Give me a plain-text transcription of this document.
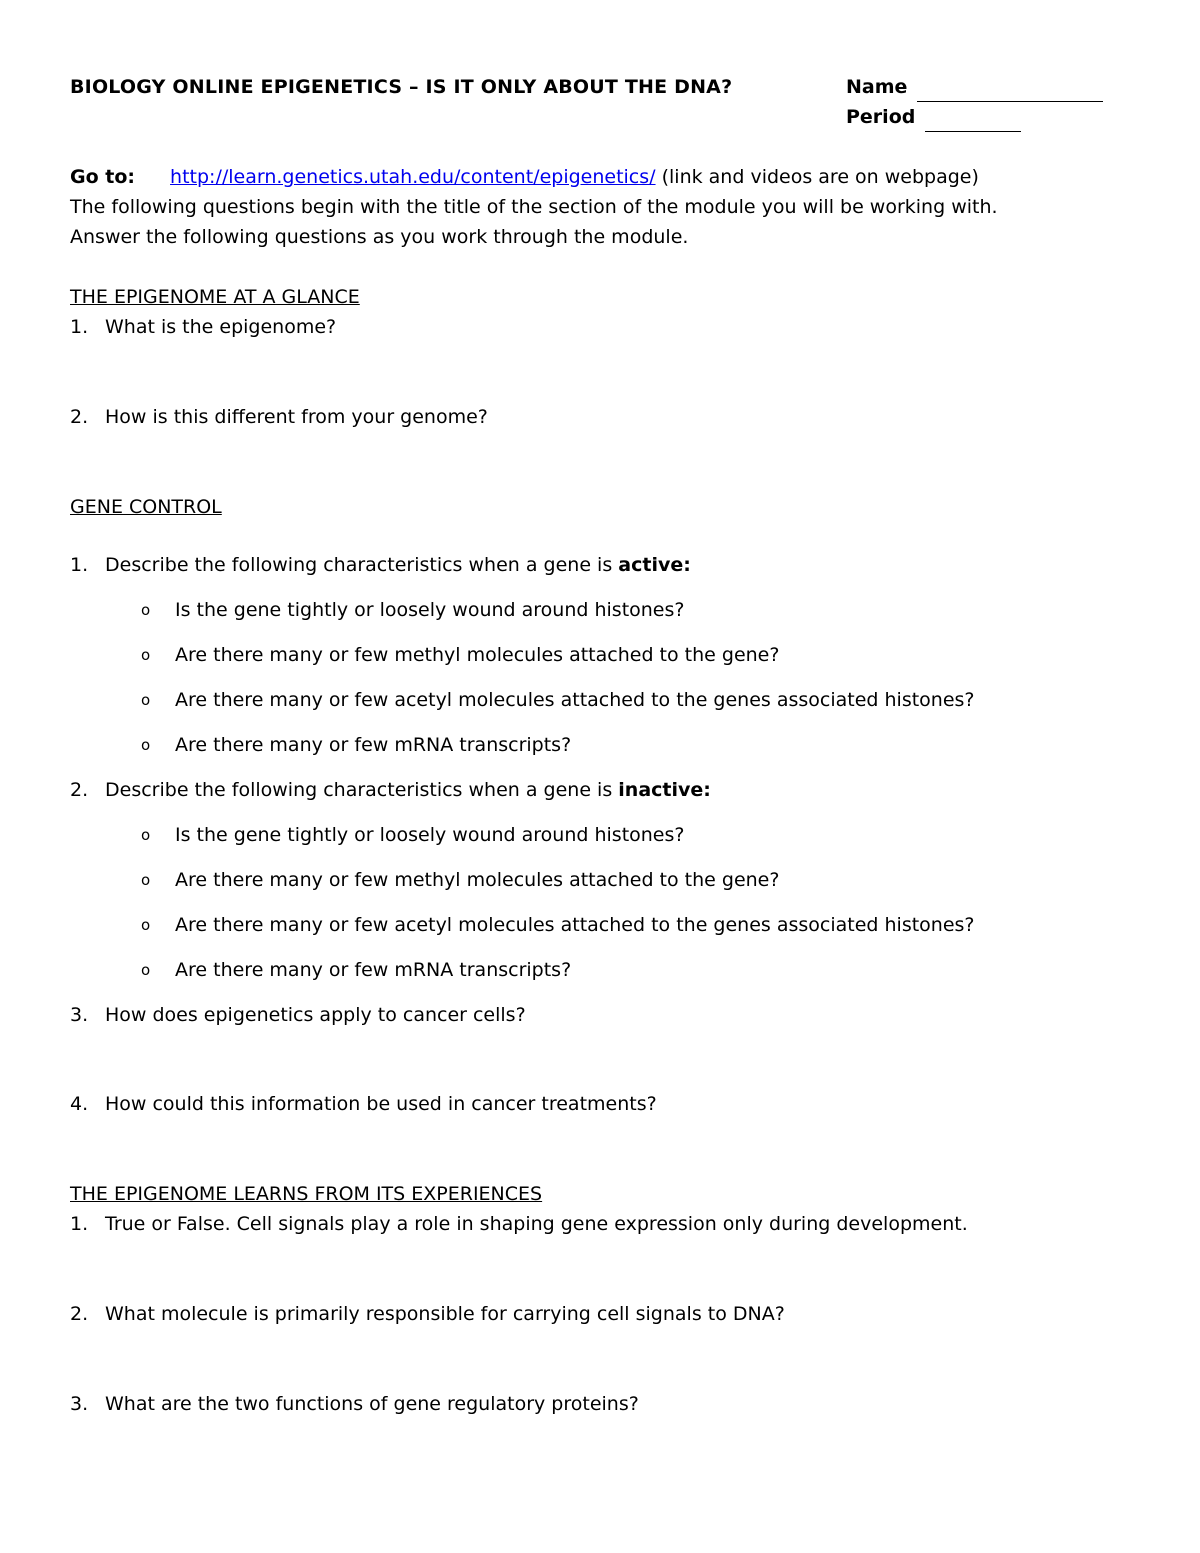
BIOLOGY ONLINE EPIGENETICS – IS IT ONLY ABOUT THE DNA?	Name
Period
Go to: http://learn.genetics.utah.edu/content/epigenetics/ (link and videos are on webpage)
The following questions begin with the title of the section of the module you will be working with.
Answer the following questions as you work through the module.
THE EPIGENOME AT A GLANCE
1. What is the epigenome?
2. How is this different from your genome?
GENE CONTROL
1. Describe the following characteristics when a gene is active:
o	Is the gene tightly or loosely wound around histones?
o	Are there many or few methyl molecules attached to the gene?
o	Are there many or few acetyl molecules attached to the genes associated histones?
o	Are there many or few mRNA transcripts?
2. Describe the following characteristics when a gene is inactive:
o	Is the gene tightly or loosely wound around histones?
o	Are there many or few methyl molecules attached to the gene?
o	Are there many or few acetyl molecules attached to the genes associated histones?
o	Are there many or few mRNA transcripts?
3. How does epigenetics apply to cancer cells?
4. How could this information be used in cancer treatments?
THE EPIGENOME LEARNS FROM ITS EXPERIENCES
1. True or False. Cell signals play a role in shaping gene expression only during development.
2. What molecule is primarily responsible for carrying cell signals to DNA?
3. What are the two functions of gene regulatory proteins?
